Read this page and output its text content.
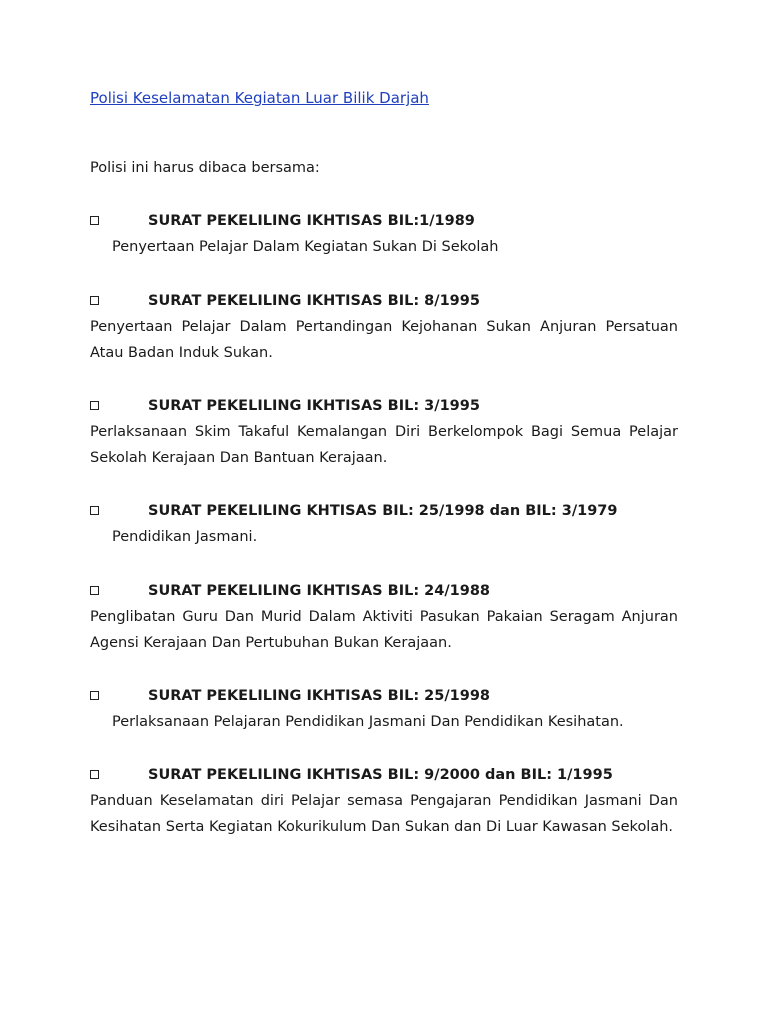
Polisi Keselamatan Kegiatan Luar Bilik Darjah
Polisi ini harus dibaca bersama:
SURAT PEKELILING IKHTISAS BIL:1/1989
Penyertaan Pelajar Dalam Kegiatan Sukan Di Sekolah
SURAT PEKELILING IKHTISAS BIL: 8/1995
Penyertaan Pelajar Dalam Pertandingan Kejohanan Sukan Anjuran Persatuan Atau Badan Induk Sukan.
SURAT PEKELILING IKHTISAS BIL: 3/1995
Perlaksanaan Skim Takaful Kemalangan Diri Berkelompok Bagi Semua Pelajar Sekolah Kerajaan Dan Bantuan Kerajaan.
SURAT PEKELILING KHTISAS BIL: 25/1998 dan BIL: 3/1979
Pendidikan Jasmani.
SURAT PEKELILING IKHTISAS BIL: 24/1988
Penglibatan Guru Dan Murid Dalam Aktiviti Pasukan Pakaian Seragam Anjuran Agensi Kerajaan Dan Pertubuhan Bukan Kerajaan.
SURAT PEKELILING IKHTISAS BIL: 25/1998
Perlaksanaan Pelajaran Pendidikan Jasmani Dan Pendidikan Kesihatan.
SURAT PEKELILING IKHTISAS BIL: 9/2000 dan BIL: 1/1995
Panduan Keselamatan diri Pelajar semasa Pengajaran Pendidikan Jasmani Dan Kesihatan Serta Kegiatan Kokurikulum Dan Sukan dan Di Luar Kawasan Sekolah.
